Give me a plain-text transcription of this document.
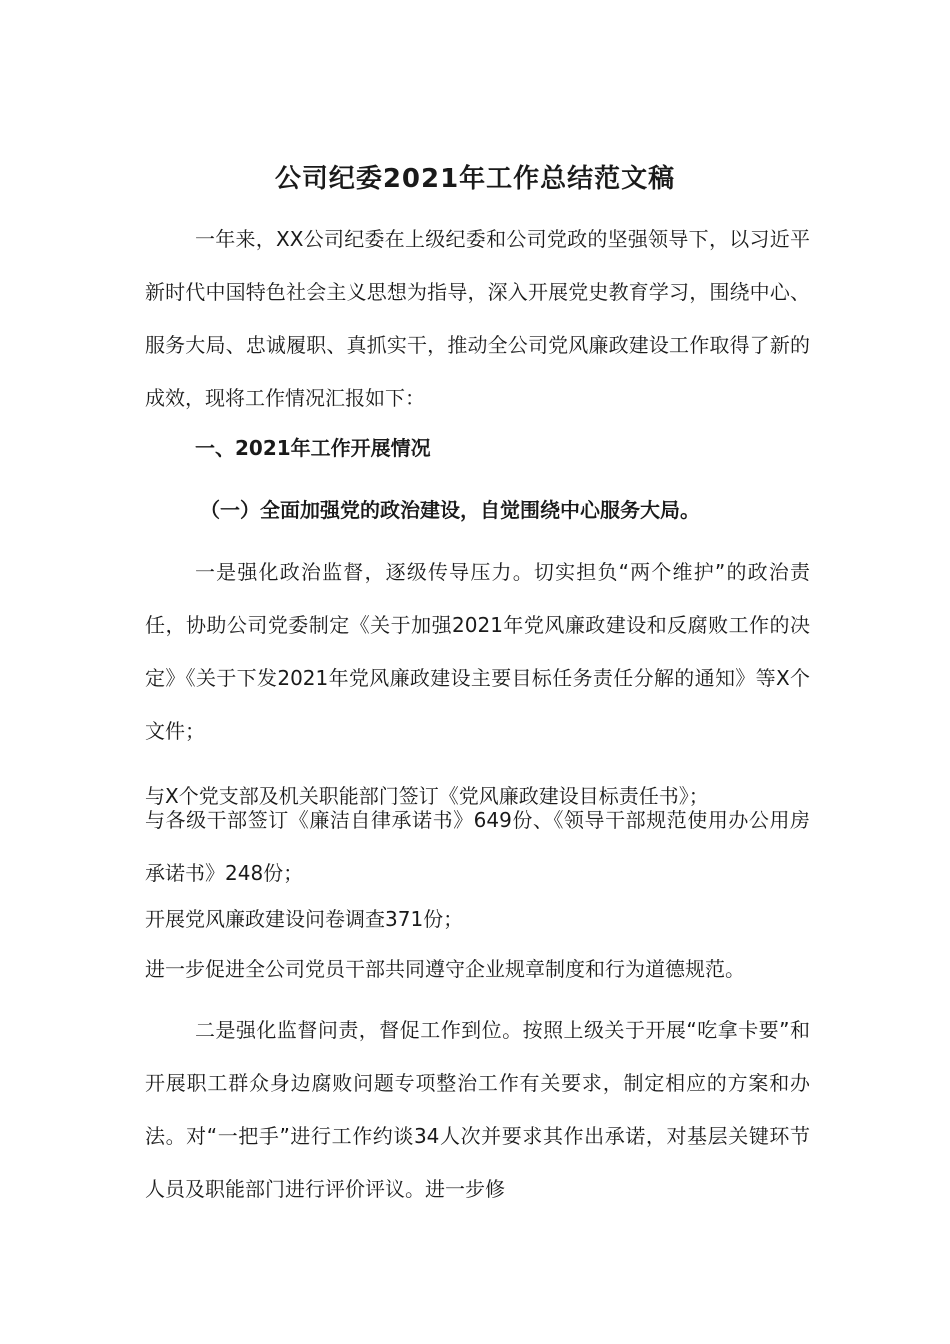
公司纪委2021年工作总结范文稿
一年来，XX公司纪委在上级纪委和公司党政的坚强领导下，以习近平新时代中国特色社会主义思想为指导，深入开展党史教育学习，围绕中心、服务大局、忠诚履职、真抓实干，推动全公司党风廉政建设工作取得了新的成效，现将工作情况汇报如下：
一、2021年工作开展情况
（一）全面加强党的政治建设，自觉围绕中心服务大局。
一是强化政治监督，逐级传导压力。切实担负“两个维护”的政治责任，协助公司党委制定《关于加强2021年党风廉政建设和反腐败工作的决定》《关于下发2021年党风廉政建设主要目标任务责任分解的通知》等X个文件；
与X个党支部及机关职能部门签订《党风廉政建设目标责任书》；
与各级干部签订《廉洁自律承诺书》649份、《领导干部规范使用办公用房承诺书》248份；
开展党风廉政建设问卷调查371份；
进一步促进全公司党员干部共同遵守企业规章制度和行为道德规范。
二是强化监督问责，督促工作到位。按照上级关于开展“吃拿卡要”和开展职工群众身边腐败问题专项整治工作有关要求，制定相应的方案和办法。对“一把手”进行工作约谈34人次并要求其作出承诺，对基层关键环节人员及职能部门进行评价评议。进一步修
